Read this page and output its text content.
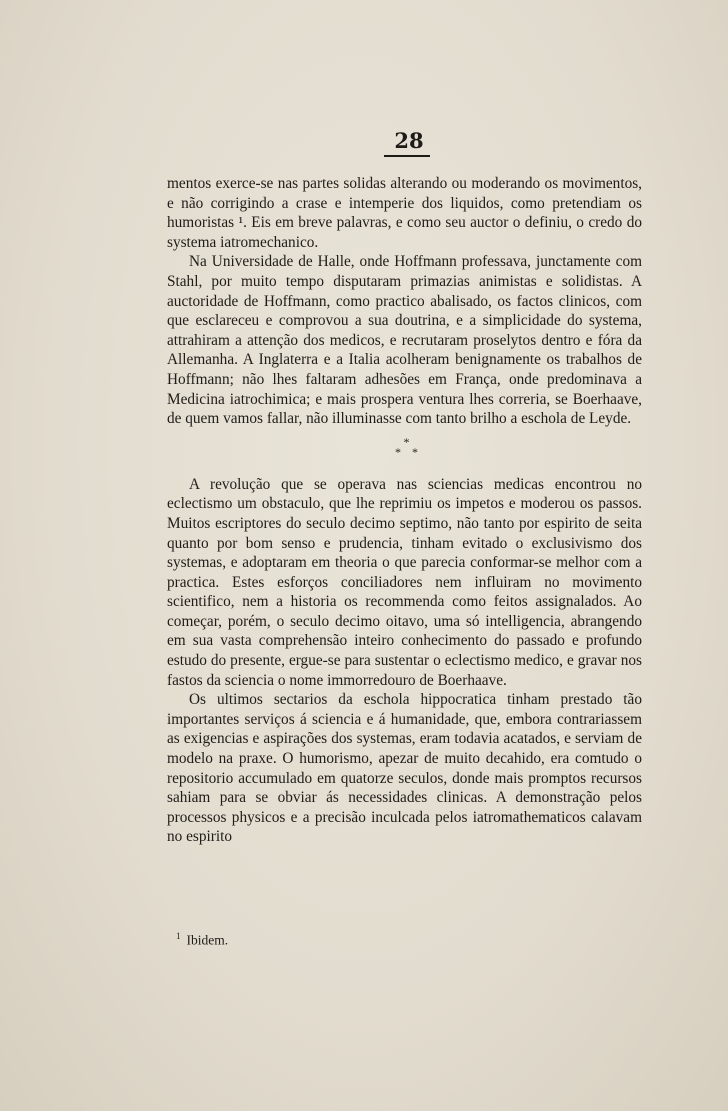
28

mentos exerce-se nas partes solidas alterando ou moderando os movimentos, e não corrigindo a crase e intemperie dos liquidos, como pretendiam os humoristas ¹. Eis em breve palavras, e como seu auctor o definiu, o credo do systema iatromechanico.

Na Universidade de Halle, onde Hoffmann professava, junctamente com Stahl, por muito tempo disputaram primazias animistas e solidistas. A auctoridade de Hoffmann, como practico abalisado, os factos clinicos, com que esclareceu e comprovou a sua doutrina, e a simplicidade do systema, attrahiram a attenção dos medicos, e recrutaram proselytos dentro e fóra da Allemanha. A Inglaterra e a Italia acolheram benignamente os trabalhos de Hoffmann; não lhes faltaram adhesões em França, onde predominava a Medicina iatrochimica; e mais prospera ventura lhes correria, se Boerhaave, de quem vamos fallar, não illuminasse com tanto brilho a eschola de Leyde.

*
* *

A revolução que se operava nas sciencias medicas encontrou no eclectismo um obstaculo, que lhe reprimiu os impetos e moderou os passos. Muitos escriptores do seculo decimo septimo, não tanto por espirito de seita quanto por bom senso e prudencia, tinham evitado o exclusivismo dos systemas, e adoptaram em theoria o que parecia conformar-se melhor com a practica. Estes esforços conciliadores nem influiram no movimento scientifico, nem a historia os recommenda como feitos assignalados. Ao começar, porém, o seculo decimo oitavo, uma só intelligencia, abrangendo em sua vasta comprehensão inteiro conhecimento do passado e profundo estudo do presente, ergue-se para sustentar o eclectismo medico, e gravar nos fastos da sciencia o nome immorredouro de Boerhaave.

Os ultimos sectarios da eschola hippocratica tinham prestado tão importantes serviços á sciencia e á humanidade, que, embora contrariassem as exigencias e aspirações dos systemas, eram todavia acatados, e serviam de modelo na praxe. O humorismo, apezar de muito decahido, era comtudo o repositorio accumulado em quatorze seculos, donde mais promptos recursos sahiam para se obviar ás necessidades clinicas. A demonstração pelos processos physicos e a precisão inculcada pelos iatromathematicos calavam no espirito

$^1$ Ibidem.
